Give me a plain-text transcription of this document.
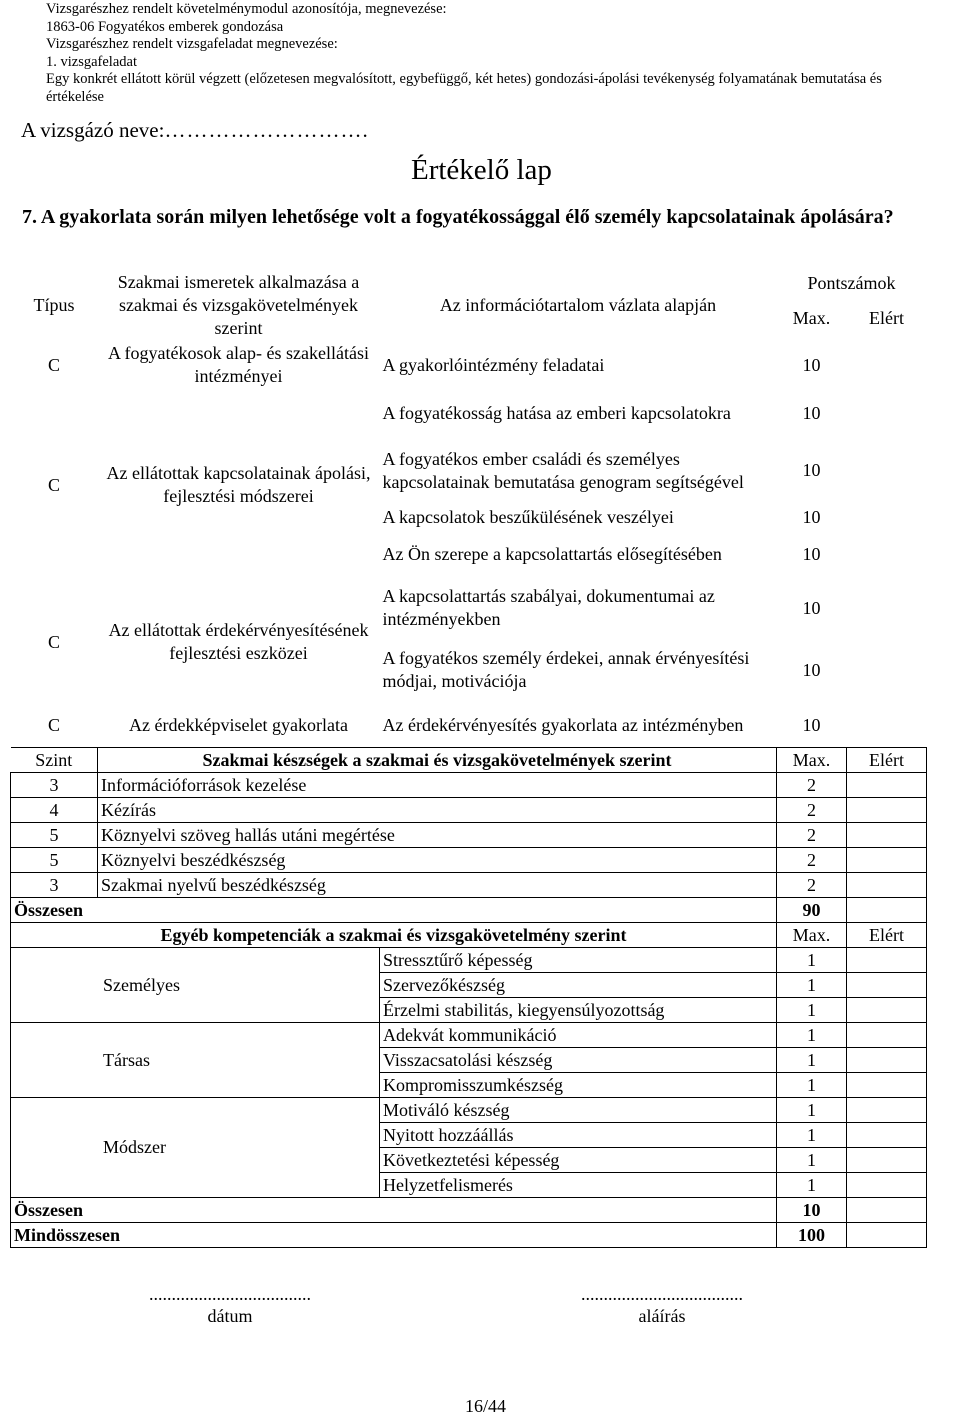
Vizsgarészhez rendelt követelménymodul azonosítója, megnevezése:
1863-06 Fogyatékos emberek gondozása
Vizsgarészhez rendelt vizsgafeladat megnevezése:
1. vizsgafeladat
Egy konkrét ellátott körül végzett (előzetesen megvalósított, egybefüggő, két hetes) gondozási-ápolási tevékenység folyamatának bemutatása és értékelése
A vizsgázó neve:……………………….
Értékelő lap
7. A gyakorlata során milyen lehetősége volt a fogyatékossággal élő személy kapcsolatainak ápolására?
Típus	Szakmai ismeretek alkalmazása a szakmai és vizsgakövetelmények szerint	Az információtartalom vázlata alapján	Pontszámok	
			Max.	Elért
C	A fogyatékosok alap- és szakellátási intézményei	A gyakorlóintézmény feladatai	10	
C	Az ellátottak kapcsolatainak ápolási, fejlesztési módszerei	A fogyatékosság hatása az emberi kapcsolatokra	10	
		A fogyatékos ember családi és személyes kapcsolatainak bemutatása genogram segítségével	10	
		A kapcsolatok beszűkülésének veszélyei	10	
		Az Ön szerepe a kapcsolattartás elősegítésében	10	
C	Az ellátottak érdekérvényesítésének fejlesztési eszközei	A kapcsolattartás szabályai, dokumentumai az intézményekben	10	
		A fogyatékos személy érdekei, annak érvényesítési módjai, motivációja	10	
C	Az érdekképviselet gyakorlata	Az érdekérvényesítés gyakorlata az intézményben	10	
Szint	Szakmai készségek a szakmai és vizsgakövetelmények szerint		Max.	Elért
3	Információforrások kezelése		2	
4	Kézírás		2	
5	Köznyelvi szöveg hallás utáni megértése		2	
5	Köznyelvi beszédkészség		2	
3	Szakmai nyelvű beszédkészség		2	
Összesen			90	
Egyéb kompetenciák a szakmai és vizsgakövetelmény szerint			Max.	Elért
Személyes		Stressztűrő képesség	1	
		Szervezőkészség	1	
		Érzelmi stabilitás, kiegyensúlyozottság	1	
Társas		Adekvát kommunikáció	1	
		Visszacsatolási készség	1	
		Kompromisszumkészség	1	
Módszer		Motiváló készség	1	
		Nyitott hozzáállás	1	
		Következtetési képesség	1	
		Helyzetfelismerés	1	
Összesen			10	
Mindösszesen			100	
....................................
dátum
....................................
aláírás
16/44
